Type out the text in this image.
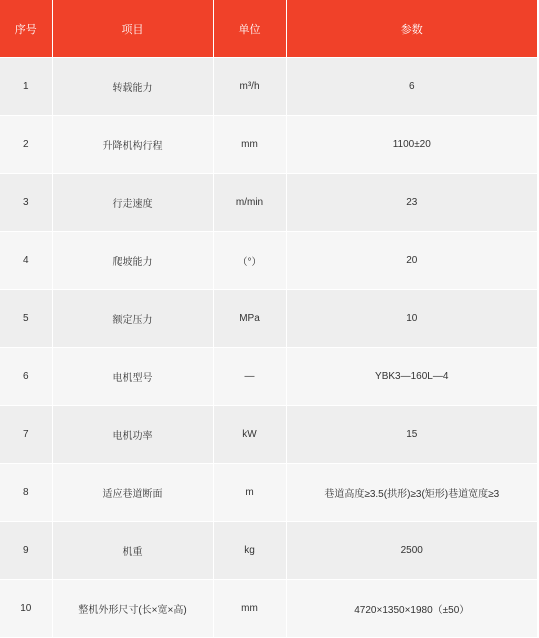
序号	项目	单位	参数
1	转载能力	m³/h	6
2	升降机构行程	mm	1100±20
3	行走速度	m/min	23
4	爬坡能力	（°）	20
5	额定压力	MPa	10
6	电机型号	—	YBK3—160L—4
7	电机功率	kW	15
8	适应巷道断面	m	巷道高度≥3.5(拱形)≥3(矩形)巷道宽度≥3
9	机重	kg	2500
10	整机外形尺寸(长×宽×高)	mm	4720×1350×1980（±50）
